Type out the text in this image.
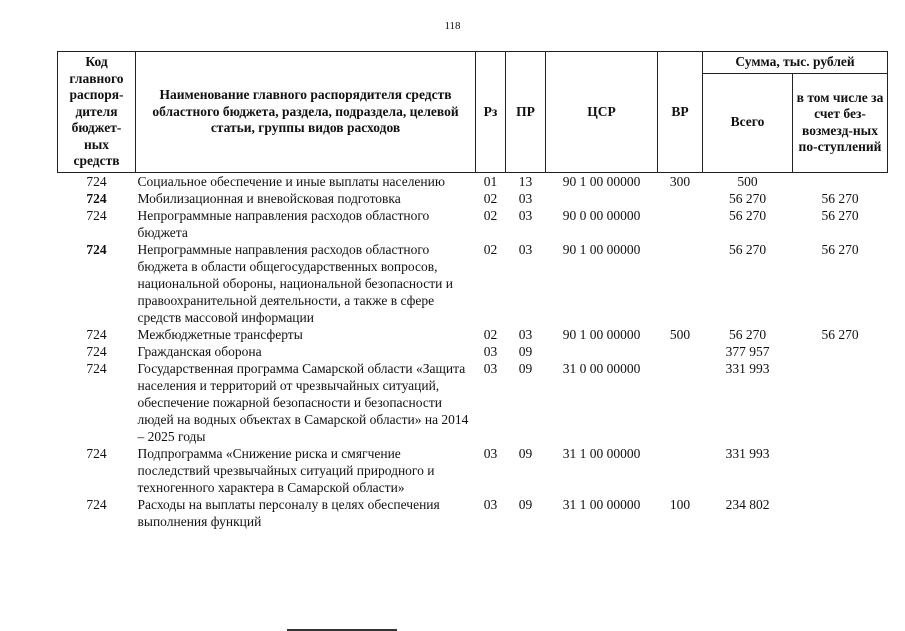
118
Код главного распоря-дителя бюджет-ных средств	Наименование главного распорядителя средств областного бюджета, раздела, подраздела, целевой статьи, группы видов расходов	Рз	ПР	ЦСР	ВР	Сумма, тыс. рублей	
						Всего	в том числе за счет без-возмезд-ных по-ступлений
724	Социальное обеспечение и иные выплаты населению	01	13	90 1 00 00000	300	500	
724	Мобилизационная и вневойсковая подготовка	02	03			56 270	56 270
724	Непрограммные направления расходов областного бюджета	02	03	90 0 00 00000		56 270	56 270
724	Непрограммные направления расходов областного бюджета в области общегосударственных вопросов, национальной обороны, национальной безопасности и правоохранительной деятельности, а также в сфере средств массовой информации	02	03	90 1 00 00000		56 270	56 270
724	Межбюджетные трансферты	02	03	90 1 00 00000	500	56 270	56 270
724	Гражданская оборона	03	09			377 957	
724	Государственная программа Самарской области «Защита населения и территорий от чрезвычайных ситуаций, обеспечение пожарной безопасности и безопасности людей на водных объектах в Самарской области» на 2014 – 2025 годы	03	09	31 0 00 00000		331 993	
724	Подпрограмма «Снижение риска и смягчение последствий чрезвычайных ситуаций природного и техногенного характера в Самарской области»	03	09	31 1 00 00000		331 993	
724	Расходы на выплаты персоналу в целях обеспечения выполнения функций	03	09	31 1 00 00000	100	234 802	
